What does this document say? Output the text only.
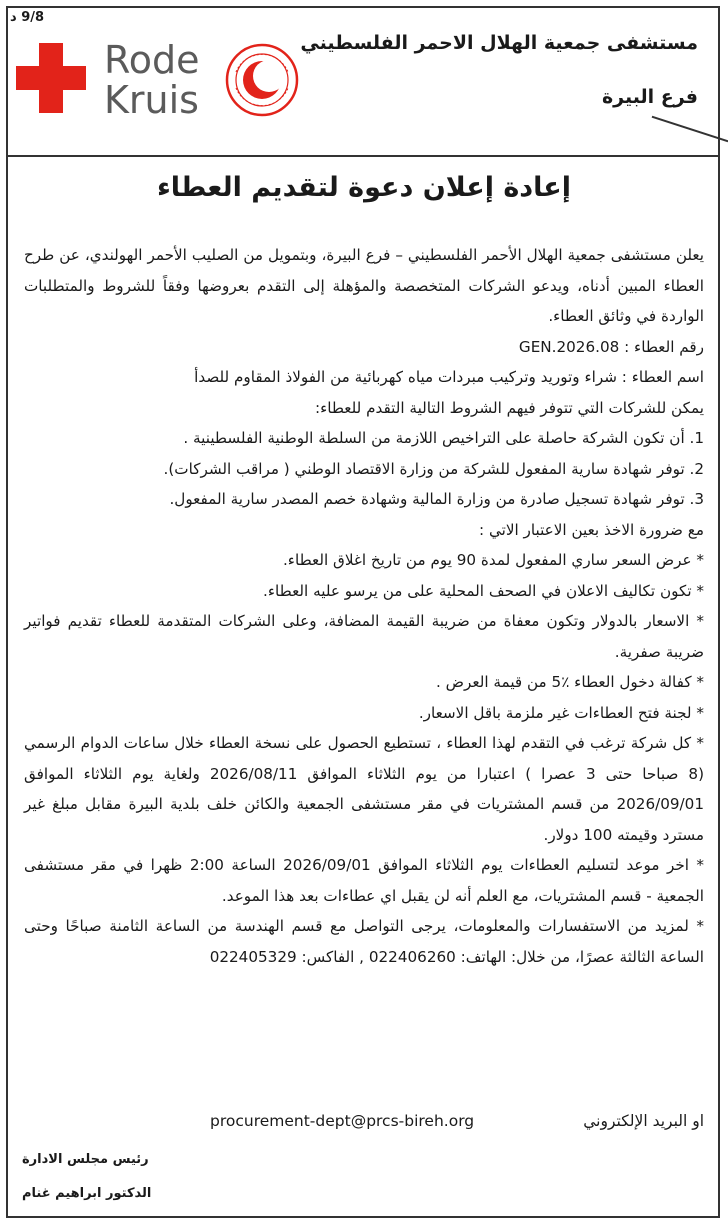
9/8 د
Rode
Kruis
مستشفى جمعية الهلال الاحمر الفلسطيني
فرع البيرة
إعادة إعلان دعوة لتقديم العطاء

يعلن مستشفى جمعية الهلال الأحمر الفلسطيني – فرع البيرة، وبتمويل من الصليب الأحمر الهولندي، عن طرح العطاء المبين أدناه، ويدعو الشركات المتخصصة والمؤهلة إلى التقدم بعروضها وفقاً للشروط والمتطلبات الواردة في وثائق العطاء.

رقم العطاء : GEN.2026.08

اسم العطاء : شراء وتوريد وتركيب مبردات مياه كهربائية من الفولاذ المقاوم للصدأ

يمكن للشركات التي تتوفر فيهم الشروط التالية التقدم للعطاء:

1. أن تكون الشركة حاصلة على التراخيص اللازمة من السلطة الوطنية الفلسطينية .

2. توفر شهادة سارية المفعول للشركة من وزارة الاقتصاد الوطني ( مراقب الشركات).

3. توفر شهادة تسجيل صادرة من وزارة المالية وشهادة خصم المصدر سارية المفعول.

مع ضرورة الاخذ بعين الاعتبار الاتي :

* عرض السعر ساري المفعول لمدة 90 يوم من تاريخ اغلاق العطاء.

* تكون تكاليف الاعلان في الصحف المحلية على من يرسو عليه العطاء.

* الاسعار بالدولار وتكون معفاة من ضريبة القيمة المضافة، وعلى الشركات المتقدمة للعطاء تقديم فواتير ضريبة صفرية.

* كفالة دخول العطاء ٪5 من قيمة العرض .

* لجنة فتح العطاءات غير ملزمة باقل الاسعار.

* كل شركة ترغب في التقدم لهذا العطاء ، تستطيع الحصول على نسخة العطاء خلال ساعات الدوام الرسمي (8 صباحا حتى 3 عصرا ) اعتبارا من يوم الثلاثاء الموافق 2026/08/11 ولغاية يوم الثلاثاء الموافق 2026/09/01 من قسم المشتريات في مقر مستشفى الجمعية والكائن خلف بلدية البيرة مقابل مبلغ غير مسترد وقيمته 100 دولار.

* اخر موعد لتسليم العطاءات يوم الثلاثاء الموافق 2026/09/01 الساعة 2:00 ظهرا في مقر مستشفى الجمعية - قسم المشتريات، مع العلم أنه لن يقبل اي عطاءات بعد هذا الموعد.

* لمزيد من الاستفسارات والمعلومات، يرجى التواصل مع قسم الهندسة من الساعة الثامنة صباحًا وحتى الساعة الثالثة عصرًا، من خلال: الهاتف: 022406260 , الفاكس: 022405329

او البريد الإلكتروني
procurement-dept@prcs-bireh.org
رئيس مجلس الادارة
الدكتور ابراهيم غنام
